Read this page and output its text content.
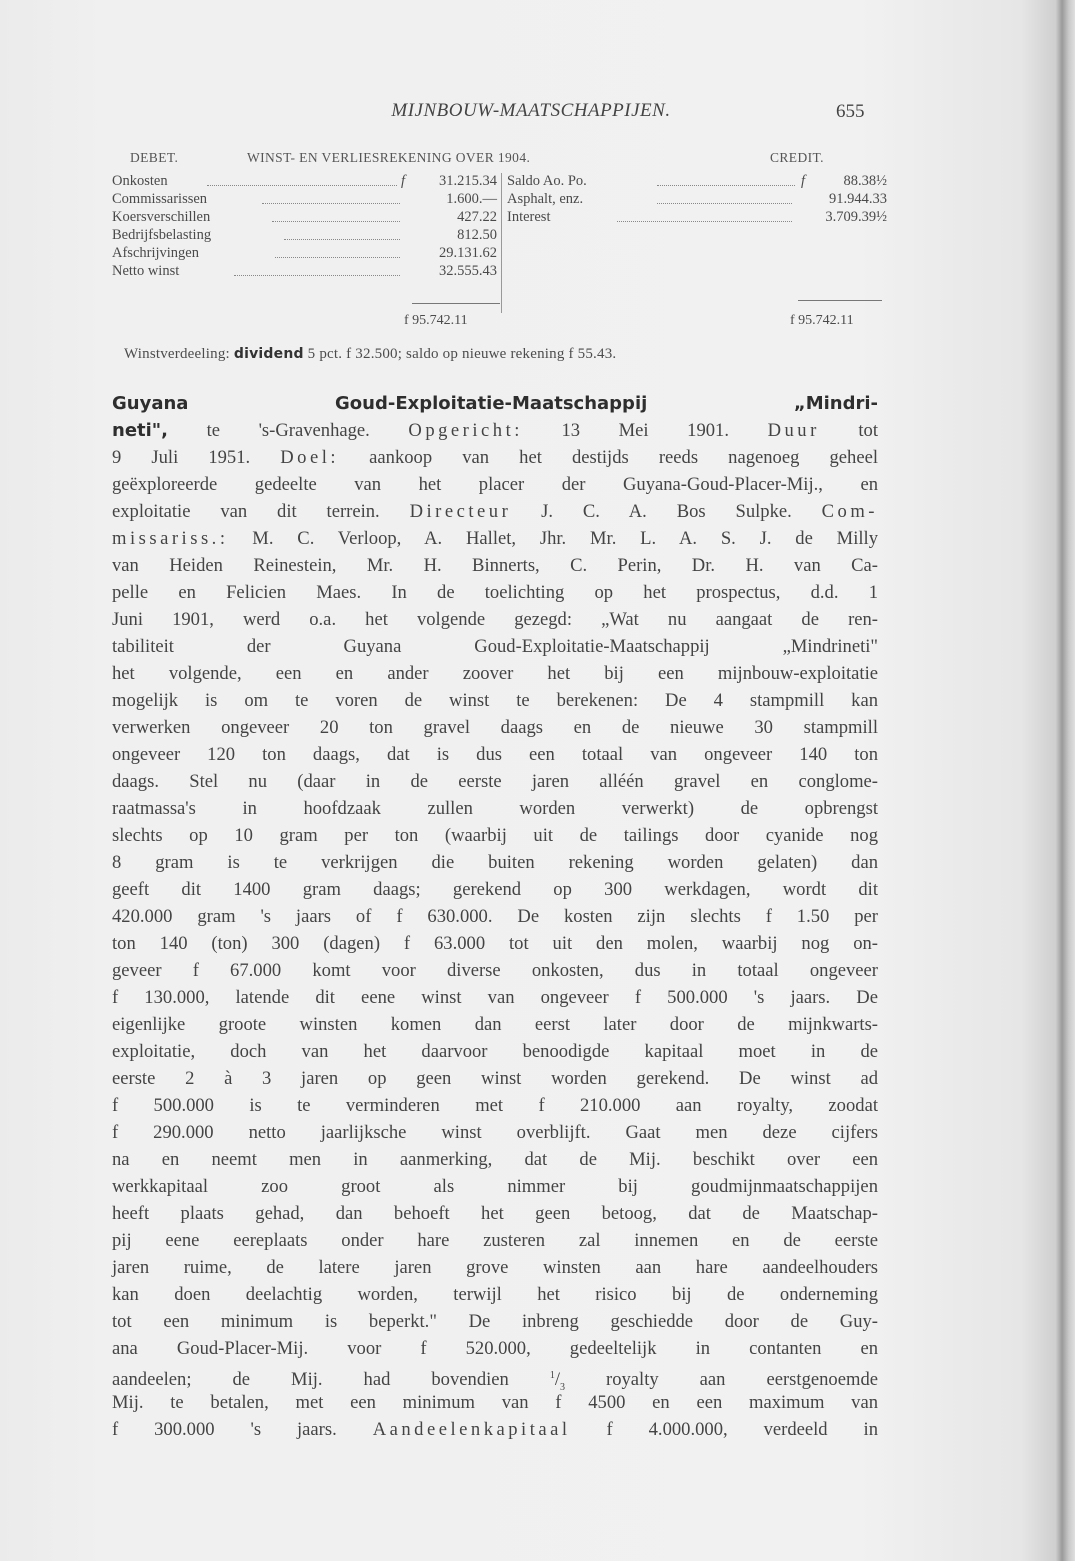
MIJNBOUW-MAATSCHAPPIJEN.	655
DEBET.	WINST- EN VERLIESREKENING OVER 1904.	CREDIT.
Onkosten	f	31.215.34
Commissarissen	1.600.—
Koersverschillen	427.22
Bedrijfsbelasting	812.50
Afschrijvingen	29.131.62
Netto winst	32.555.43
Saldo Ao. Po.	f	88.38½
Asphalt, enz.	91.944.33
Interest	3.709.39½
f 95.742.11	f 95.742.11
Winstverdeeling: dividend 5 pct. f 32.500; saldo op nieuwe rekening f 55.43.
Guyana Goud-Exploitatie-Maatschappij „Mindri-
neti", te 's-Gravenhage. Opgericht: 13 Mei 1901. Duur tot
9 Juli 1951. Doel: aankoop van het destijds reeds nagenoeg geheel
geëxploreerde gedeelte van het placer der Guyana-Goud-Placer-Mij., en
exploitatie van dit terrein. Directeur J. C. A. Bos Sulpke. Com-
missariss.: M. C. Verloop, A. Hallet, Jhr. Mr. L. A. S. J. de Milly
van Heiden Reinestein, Mr. H. Binnerts, C. Perin, Dr. H. van Ca-
pelle en Felicien Maes. In de toelichting op het prospectus, d.d. 1
Juni 1901, werd o.a. het volgende gezegd: „Wat nu aangaat de ren-
tabiliteit der Guyana Goud-Exploitatie-Maatschappij „Mindrineti"
het volgende, een en ander zoover het bij een mijnbouw-exploitatie
mogelijk is om te voren de winst te berekenen: De 4 stampmill kan
verwerken ongeveer 20 ton gravel daags en de nieuwe 30 stampmill
ongeveer 120 ton daags, dat is dus een totaal van ongeveer 140 ton
daags. Stel nu (daar in de eerste jaren alléén gravel en conglome-
raatmassa's in hoofdzaak zullen worden verwerkt) de opbrengst
slechts op 10 gram per ton (waarbij uit de tailings door cyanide nog
8 gram is te verkrijgen die buiten rekening worden gelaten) dan
geeft dit 1400 gram daags; gerekend op 300 werkdagen, wordt dit
420.000 gram 's jaars of f 630.000. De kosten zijn slechts f 1.50 per
ton 140 (ton) 300 (dagen) f 63.000 tot uit den molen, waarbij nog on-
geveer f 67.000 komt voor diverse onkosten, dus in totaal ongeveer
f 130.000, latende dit eene winst van ongeveer f 500.000 's jaars. De
eigenlijke groote winsten komen dan eerst later door de mijnkwarts-
exploitatie, doch van het daarvoor benoodigde kapitaal moet in de
eerste 2 à 3 jaren op geen winst worden gerekend. De winst ad
f 500.000 is te verminderen met f 210.000 aan royalty, zoodat
f 290.000 netto jaarlijksche winst overblijft. Gaat men deze cijfers
na en neemt men in aanmerking, dat de Mij. beschikt over een
werkkapitaal zoo groot als nimmer bij goudmijnmaatschappijen
heeft plaats gehad, dan behoeft het geen betoog, dat de Maatschap-
pij eene eereplaats onder hare zusteren zal innemen en de eerste
jaren ruime, de latere jaren grove winsten aan hare aandeelhouders
kan doen deelachtig worden, terwijl het risico bij de onderneming
tot een minimum is beperkt." De inbreng geschiedde door de Guy-
ana Goud-Placer-Mij. voor f 520.000, gedeeltelijk in contanten en
aandeelen; de Mij. had bovendien $^1/_3$ royalty aan eerstgenoemde
Mij. te betalen, met een minimum van f 4500 en een maximum van
f 300.000 's jaars. Aandeelenkapitaal f 4.000.000, verdeeld in
